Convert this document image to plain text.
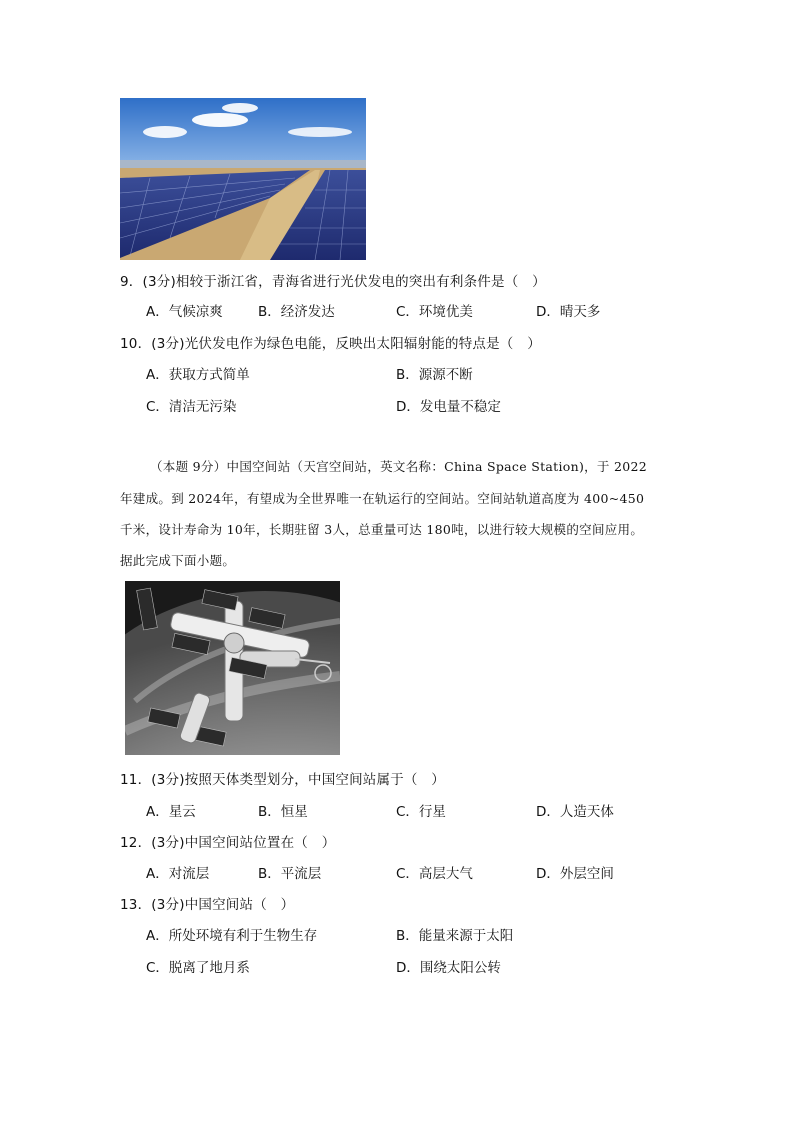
9．(3分)相较于浙江省，青海省进行光伏发电的突出有利条件是（　）
A．气候凉爽	B．经济发达	C．环境优美	D．晴天多
10．(3分)光伏发电作为绿色电能，反映出太阳辐射能的特点是（　）
A．获取方式简单	B．源源不断
C．清洁无污染	D．发电量不稳定
（本题 9分）中国空间站（天宫空间站，英文名称：China Space Station)，于 2022
年建成。到 2024年，有望成为全世界唯一在轨运行的空间站。空间站轨道高度为 400~450
千米，设计寿命为 10年，长期驻留 3人，总重量可达 180吨，以进行较大规模的空间应用。
据此完成下面小题。
11．(3分)按照天体类型划分，中国空间站属于（　）
A．星云	B．恒星	C．行星	D．人造天体
12．(3分)中国空间站位置在（　）
A．对流层	B．平流层	C．高层大气	D．外层空间
13．(3分)中国空间站（　）
A．所处环境有利于生物生存	B．能量来源于太阳
C．脱离了地月系	D．围绕太阳公转
